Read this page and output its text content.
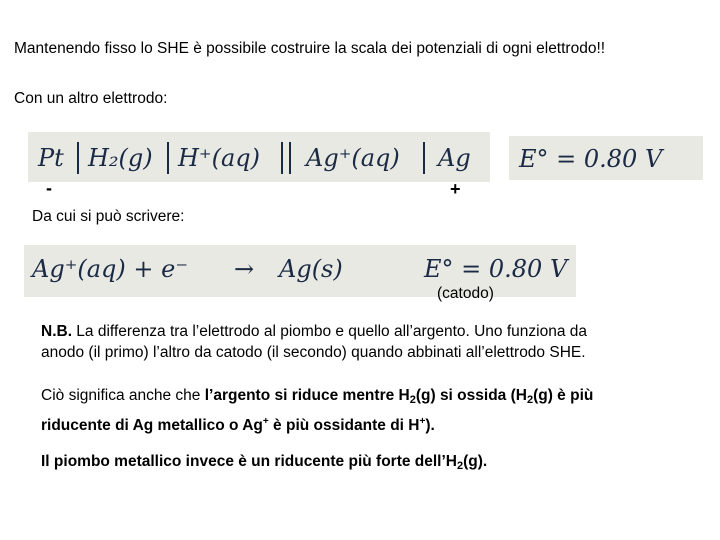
Mantenendo fisso lo SHE è possibile costruire la scala dei potenziali di ogni elettrodo!!
Con un altro elettrodo:
Pt H₂(g) H⁺(aq) Ag⁺(aq) Ag E° = 0.80 V
-	+
Da cui si può scrivere:
Ag⁺(aq) + e⁻ → Ag(s)	E° = 0.80 V
(catodo)
N.B. La differenza tra l’elettrodo al piombo e quello all’argento. Uno funziona da
anodo (il primo) l’altro da catodo (il secondo) quando abbinati all’elettrodo SHE.
Ciò significa anche che l’argento si riduce mentre $H_2(g)$ si ossida ($H_2(g)$ è più
riducente di Ag metallico o Ag+ è più ossidante di H+).
Il piombo metallico invece è un riducente più forte $dell’H_2(g)$.
